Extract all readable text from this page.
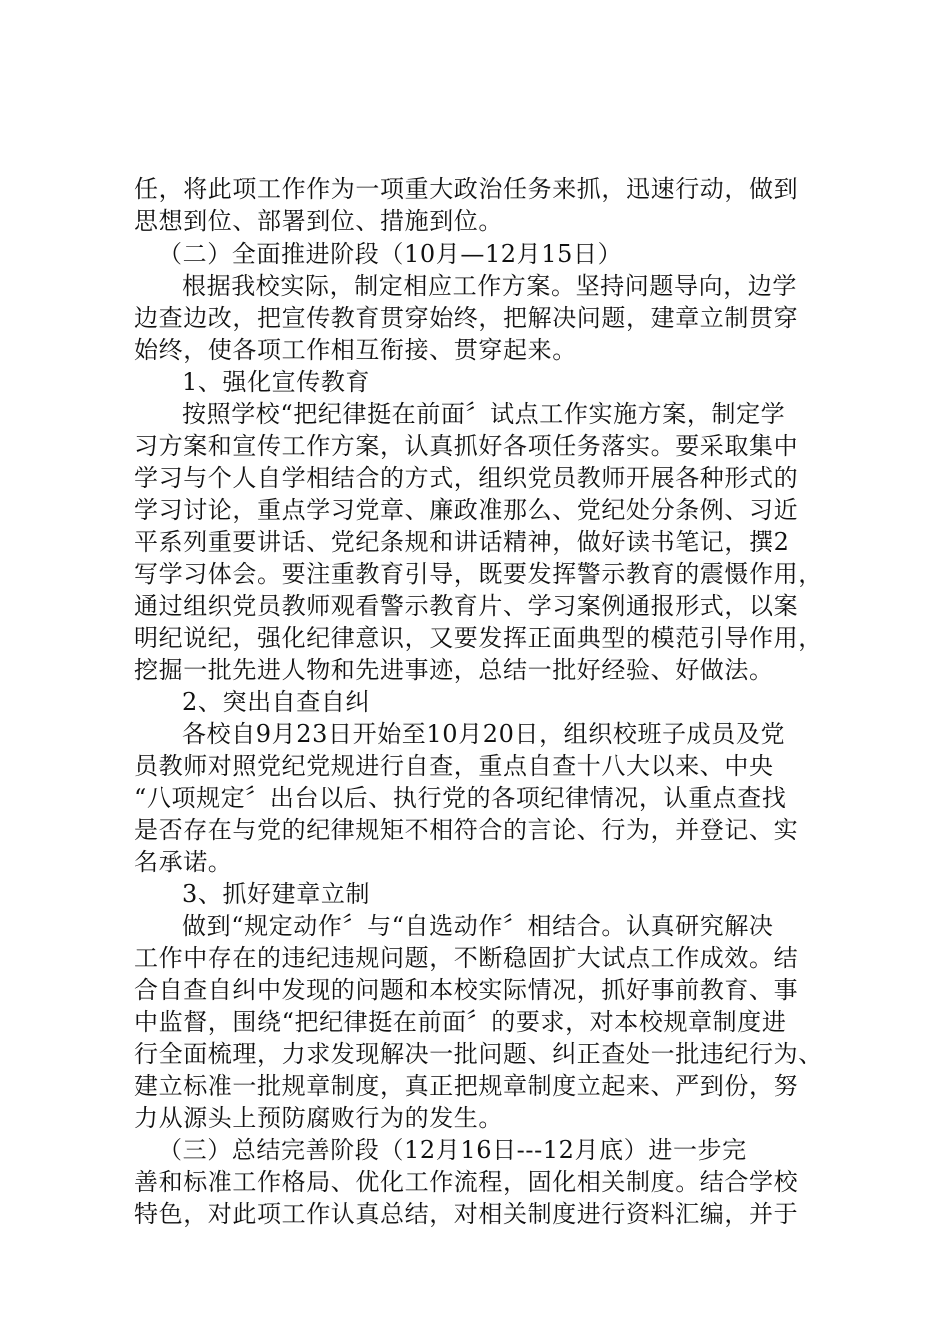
任，将此项工作作为一项重大政治任务来抓，迅速行动，做到
思想到位、部署到位、措施到位。
（二）全面推进阶段（10月—12月15日）
根据我校实际，制定相应工作方案。坚持问题导向，边学
边查边改，把宣传教育贯穿始终，把解决问题，建章立制贯穿
始终，使各项工作相互衔接、贯穿起来。
1、强化宣传教育
按照学校“把纪律挺在前面〞试点工作实施方案，制定学
习方案和宣传工作方案，认真抓好各项任务落实。要采取集中
学习与个人自学相结合的方式，组织党员教师开展各种形式的
学习讨论，重点学习党章、廉政准那么、党纪处分条例、习近
平系列重要讲话、党纪条规和讲话精神，做好读书笔记，撰2
写学习体会。要注重教育引导，既要发挥警示教育的震慑作用，
通过组织党员教师观看警示教育片、学习案例通报形式，以案
明纪说纪，强化纪律意识，又要发挥正面典型的模范引导作用，
挖掘一批先进人物和先进事迹，总结一批好经验、好做法。
2、突出自查自纠
各校自9月23日开始至10月20日，组织校班子成员及党
员教师对照党纪党规进行自查，重点自查十八大以来、中央
“八项规定〞出台以后、执行党的各项纪律情况，认重点查找
是否存在与党的纪律规矩不相符合的言论、行为，并登记、实
名承诺。
3、抓好建章立制
做到“规定动作〞与“自选动作〞相结合。认真研究解决
工作中存在的违纪违规问题，不断稳固扩大试点工作成效。结
合自查自纠中发现的问题和本校实际情况，抓好事前教育、事
中监督，围绕“把纪律挺在前面〞的要求，对本校规章制度进
行全面梳理，力求发现解决一批问题、纠正查处一批违纪行为、
建立标准一批规章制度，真正把规章制度立起来、严到份，努
力从源头上预防腐败行为的发生。
（三）总结完善阶段（12月16日---12月底）进一步完
善和标准工作格局、优化工作流程，固化相关制度。结合学校
特色，对此项工作认真总结，对相关制度进行资料汇编，并于
